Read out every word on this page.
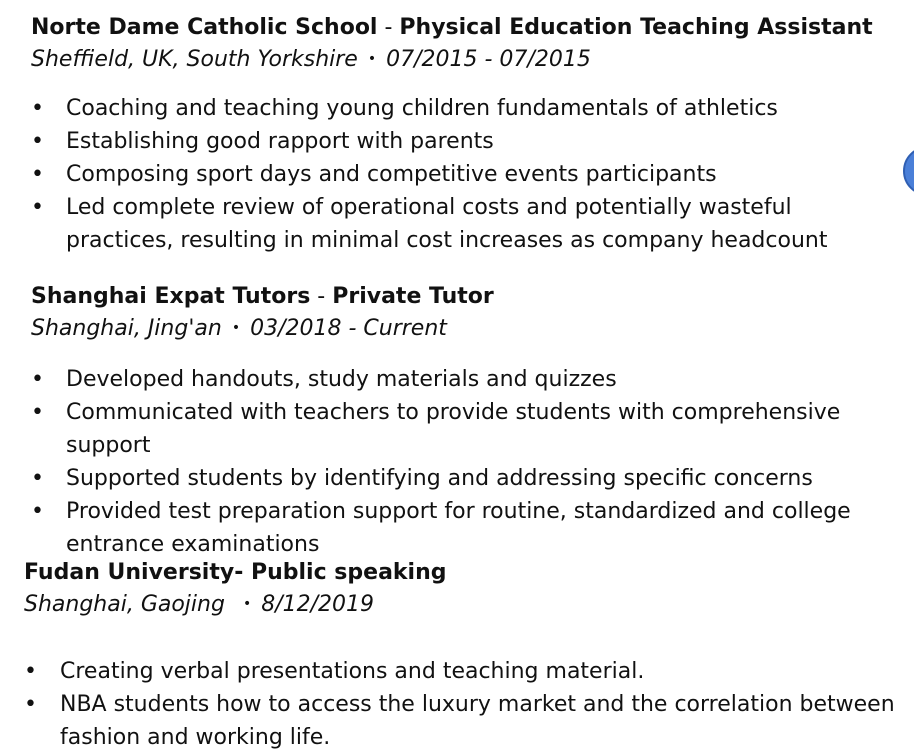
Norte Dame Catholic School - Physical Education Teaching Assistant
Sheffield, UK, South Yorkshire • 07/2015 - 07/2015
• Coaching and teaching young children fundamentals of athletics
• Establishing good rapport with parents
• Composing sport days and competitive events participants
• Led complete review of operational costs and potentially wasteful practices, resulting in minimal cost increases as company headcount
Shanghai Expat Tutors - Private Tutor
Shanghai, Jing'an • 03/2018 - Current
• Developed handouts, study materials and quizzes
• Communicated with teachers to provide students with comprehensive support
• Supported students by identifying and addressing specific concerns
• Provided test preparation support for routine, standardized and college entrance examinations
Fudan University- Public speaking
Shanghai, Gaojing • 8/12/2019
• Creating verbal presentations and teaching material.
• NBA students how to access the luxury market and the correlation between fashion and working life.
